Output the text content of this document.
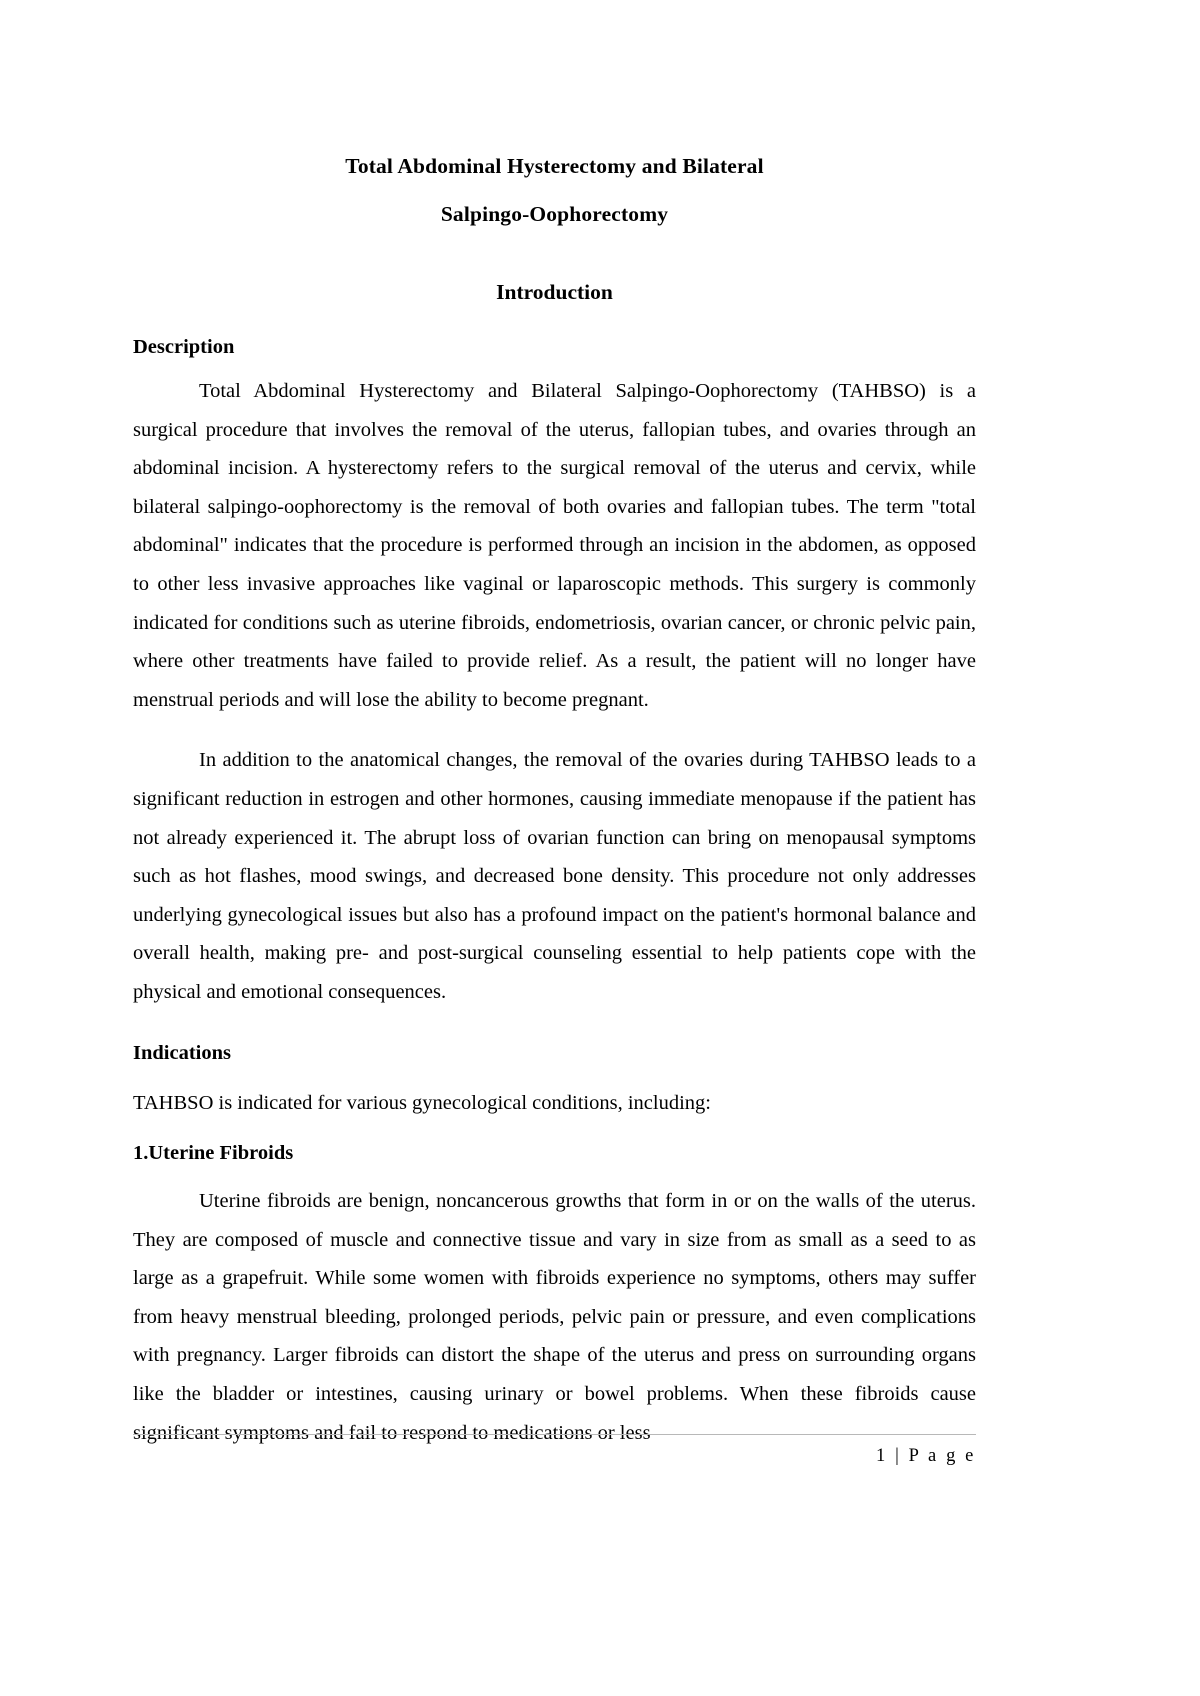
Total Abdominal Hysterectomy and Bilateral

Salpingo-Oophorectomy

Introduction

Description

Total Abdominal Hysterectomy and Bilateral Salpingo-Oophorectomy (TAHBSO) is a surgical procedure that involves the removal of the uterus, fallopian tubes, and ovaries through an abdominal incision. A hysterectomy refers to the surgical removal of the uterus and cervix, while bilateral salpingo-oophorectomy is the removal of both ovaries and fallopian tubes. The term "total abdominal" indicates that the procedure is performed through an incision in the abdomen, as opposed to other less invasive approaches like vaginal or laparoscopic methods. This surgery is commonly indicated for conditions such as uterine fibroids, endometriosis, ovarian cancer, or chronic pelvic pain, where other treatments have failed to provide relief. As a result, the patient will no longer have menstrual periods and will lose the ability to become pregnant.

In addition to the anatomical changes, the removal of the ovaries during TAHBSO leads to a significant reduction in estrogen and other hormones, causing immediate menopause if the patient has not already experienced it. The abrupt loss of ovarian function can bring on menopausal symptoms such as hot flashes, mood swings, and decreased bone density. This procedure not only addresses underlying gynecological issues but also has a profound impact on the patient's hormonal balance and overall health, making pre- and post-surgical counseling essential to help patients cope with the physical and emotional consequences.

Indications

TAHBSO is indicated for various gynecological conditions, including:

1.Uterine Fibroids

Uterine fibroids are benign, noncancerous growths that form in or on the walls of the uterus. They are composed of muscle and connective tissue and vary in size from as small as a seed to as large as a grapefruit. While some women with fibroids experience no symptoms, others may suffer from heavy menstrual bleeding, prolonged periods, pelvic pain or pressure, and even complications with pregnancy. Larger fibroids can distort the shape of the uterus and press on surrounding organs like the bladder or intestines, causing urinary or bowel problems. When these fibroids cause significant symptoms and fail to respond to medications or less

1 | P a g e
